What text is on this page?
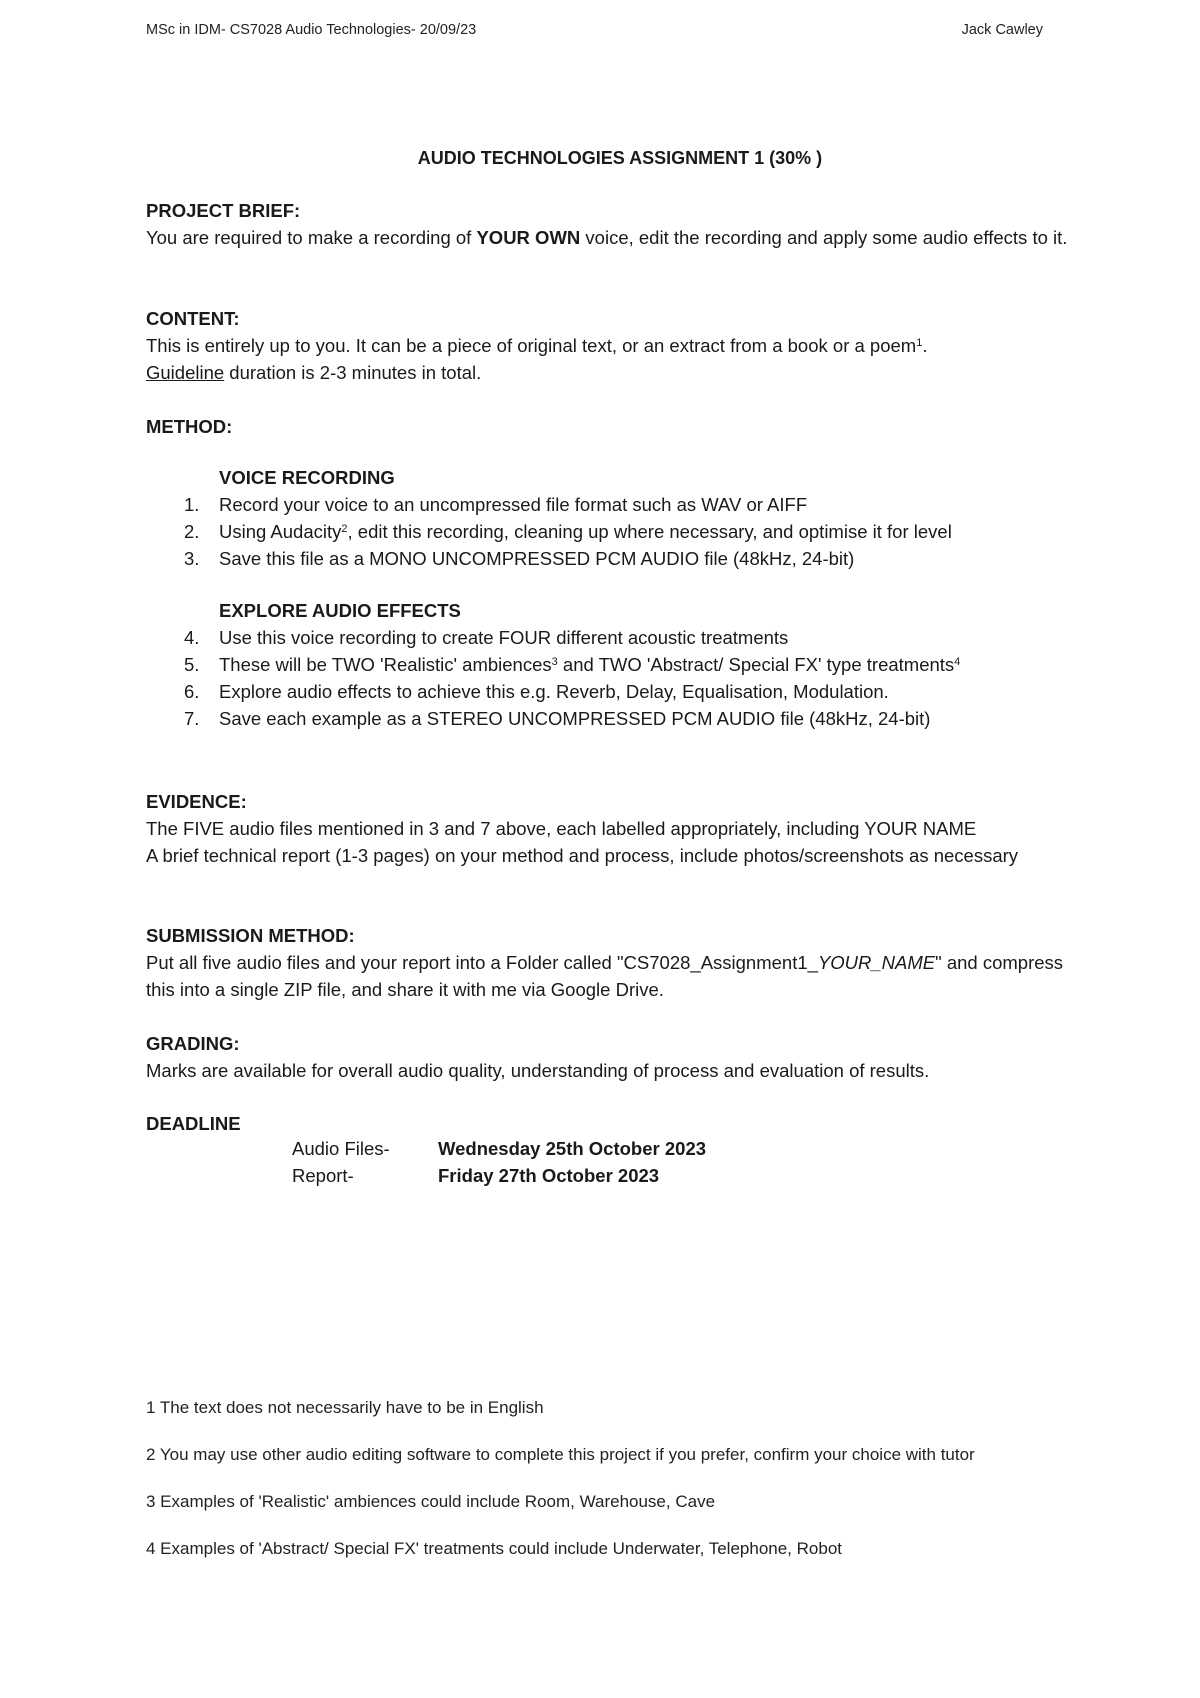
MSc in IDM- CS7028 Audio Technologies- 20/09/23	Jack Cawley
AUDIO TECHNOLOGIES ASSIGNMENT 1 (30% )
PROJECT BRIEF:
You are required to make a recording of YOUR OWN voice, edit the recording and apply some audio effects to it.
CONTENT:
This is entirely up to you. It can be a piece of original text, or an extract from a book or a poem$^1$.
Guideline duration is 2-3 minutes in total.
METHOD:
VOICE RECORDING
1.	Record your voice to an uncompressed file format such as WAV or AIFF
2.	Using Audacity$^2$, edit this recording, cleaning up where necessary, and optimise it for level
3.	Save this file as a MONO UNCOMPRESSED PCM AUDIO file (48kHz, 24-bit)
EXPLORE AUDIO EFFECTS
4.	Use this voice recording to create FOUR different acoustic treatments
5.	These will be TWO 'Realistic' ambiences$^3$ and TWO 'Abstract/ Special FX' type treatments$^4$
6.	Explore audio effects to achieve this e.g. Reverb, Delay, Equalisation, Modulation.
7.	Save each example as a STEREO UNCOMPRESSED PCM AUDIO file (48kHz, 24-bit)
EVIDENCE:
The FIVE audio files mentioned in 3 and 7 above, each labelled appropriately, including YOUR NAME
A brief technical report (1-3 pages) on your method and process, include photos/screenshots as necessary
SUBMISSION METHOD:
Put all five audio files and your report into a Folder called "CS7028_Assignment1_YOUR_NAME" and compress this into a single ZIP file, and share it with me via Google Drive.
GRADING:
Marks are available for overall audio quality, understanding of process and evaluation of results.
DEADLINE
Audio Files-	Wednesday 25th October 2023
Report-	Friday 27th October 2023
1 The text does not necessarily have to be in English
2 You may use other audio editing software to complete this project if you prefer, confirm your choice with tutor
3 Examples of 'Realistic' ambiences could include Room, Warehouse, Cave
4 Examples of 'Abstract/ Special FX' treatments could include Underwater, Telephone, Robot
